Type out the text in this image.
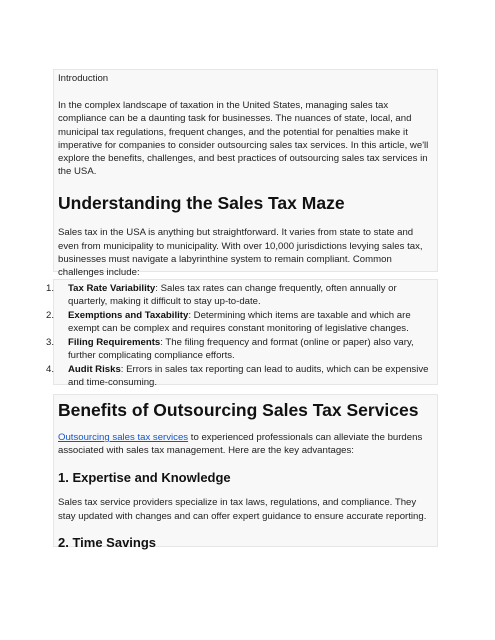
Introduction

In the complex landscape of taxation in the United States, managing sales tax compliance can be a daunting task for businesses. The nuances of state, local, and municipal tax regulations, frequent changes, and the potential for penalties make it imperative for companies to consider outsourcing sales tax services. In this article, we'll explore the benefits, challenges, and best practices of outsourcing sales tax services in the USA.

Understanding the Sales Tax Maze

Sales tax in the USA is anything but straightforward. It varies from state to state and even from municipality to municipality. With over 10,000 jurisdictions levying sales tax, businesses must navigate a labyrinthine system to remain compliant. Common challenges include:

1. Tax Rate Variability: Sales tax rates can change frequently, often annually or quarterly, making it difficult to stay up-to-date.
2. Exemptions and Taxability: Determining which items are taxable and which are exempt can be complex and requires constant monitoring of legislative changes.
3. Filing Requirements: The filing frequency and format (online or paper) also vary, further complicating compliance efforts.
4. Audit Risks: Errors in sales tax reporting can lead to audits, which can be expensive and time-consuming.
Benefits of Outsourcing Sales Tax Services

Outsourcing sales tax services to experienced professionals can alleviate the burdens associated with sales tax management. Here are the key advantages:

1. Expertise and Knowledge

Sales tax service providers specialize in tax laws, regulations, and compliance. They stay updated with changes and can offer expert guidance to ensure accurate reporting.

2. Time Savings
